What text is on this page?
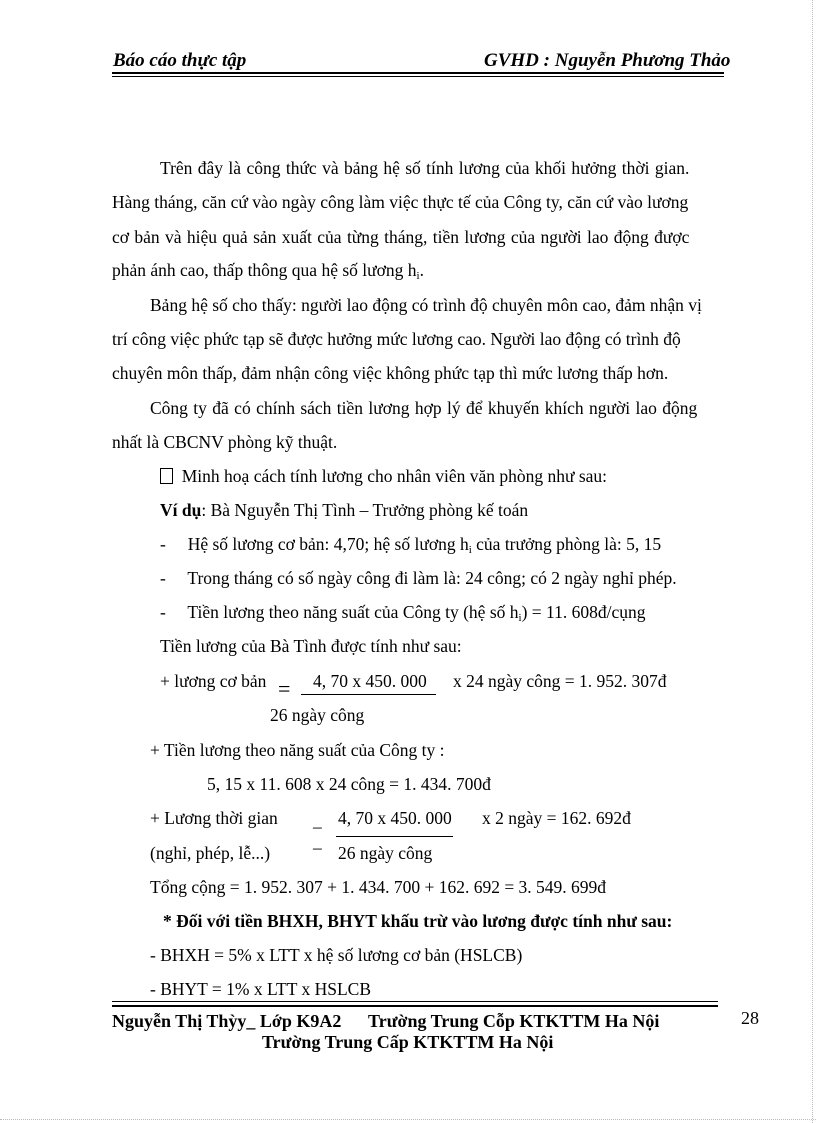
Báo cáo thực tập	GVHD : Nguyễn Phương Thảo
Trên đây là công thức và bảng hệ số tính lương của khối hưởng thời gian.
Hàng tháng, căn cứ vào ngày công làm việc thực tế của Công ty, căn cứ vào lương
cơ bản và hiệu quả sản xuất của từng tháng, tiền lương của người lao động được
phản ánh cao, thấp thông qua hệ số lương $h_i$.
Bảng hệ số cho thấy: người lao động có trình độ chuyên môn cao, đảm nhận vị
trí công việc phức tạp sẽ được hưởng mức lương cao. Người lao động có trình độ
chuyên môn thấp, đảm nhận công việc không phức tạp thì mức lương thấp hơn.
Công ty đã có chính sách tiền lương hợp lý để khuyến khích người lao động
nhất là CBCNV phòng kỹ thuật.
Minh hoạ cách tính lương cho nhân viên văn phòng như sau:
Ví dụ: Bà Nguyễn Thị Tình – Trưởng phòng kế toán
-     Hệ số lương cơ bản: 4,70; hệ số lương $h_i$ của trưởng phòng là: 5, 15
-     Trong tháng có số ngày công đi làm là: 24 công; có 2 ngày nghỉ phép.
-     Tiền lương theo năng suất của Công ty (hệ số $h_i) = 11$. 608đ/cụng
Tiền lương của Bà Tình được tính như sau:
+ lương cơ bản = 4, 70 x 450. 000 x 24 ngày công = 1. 952. 307đ
26 ngày công
+ Tiền lương theo năng suất của Công ty :
5, 15 x 11. 608 x 24 công = 1. 434. 700đ
+ Lương thời gian _ 4, 70 x 450. 000
_
x 2 ngày = 162. 692đ
(nghỉ, phép, lễ...)	26 ngày công
Tổng cộng = 1. 952. 307 + 1. 434. 700 + 162. 692 = 3. 549. 699đ
* Đối với tiền BHXH, BHYT khấu trừ vào lương được tính như sau:
- BHXH = 5% x LTT x hệ số lương cơ bản (HSLCB)
- BHYT = 1% x LTT x HSLCB
Nguyễn Thị Thỳy_ Lớp K9A2      Trường Trung Cỗp KTKTTM Ha Nội
Trường Trung Cấp KTKTTM Ha Nội
28
